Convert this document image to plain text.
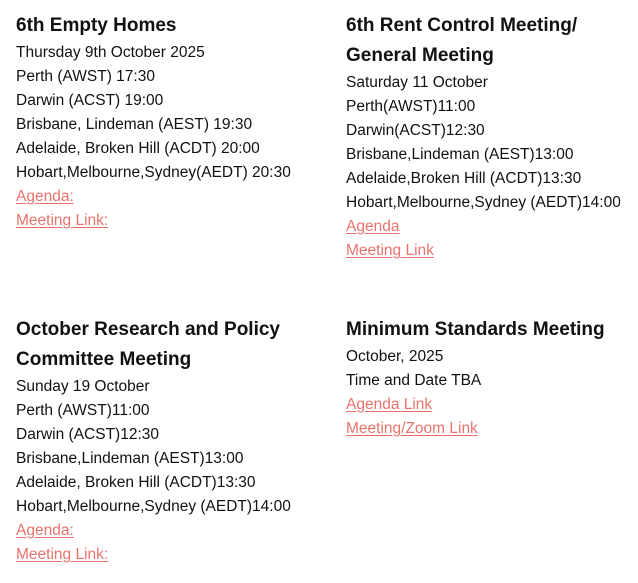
6th Empty Homes
Thursday 9th October 2025
Perth (AWST) 17:30
Darwin (ACST) 19:00
Brisbane, Lindeman (AEST) 19:30
Adelaide, Broken Hill (ACDT) 20:00
Hobart,Melbourne,Sydney(AEDT) 20:30
Agenda:
Meeting Link:
6th Rent Control Meeting/ General Meeting
Saturday 11 October
Perth(AWST)11:00
Darwin(ACST)12:30
Brisbane,Lindeman (AEST)13:00
Adelaide,Broken Hill (ACDT)13:30
Hobart,Melbourne,Sydney (AEDT)14:00
Agenda
Meeting Link
October Research and Policy Committee Meeting
Sunday 19 October
Perth (AWST)11:00
Darwin (ACST)12:30
Brisbane,Lindeman (AEST)13:00
Adelaide, Broken Hill (ACDT)13:30
Hobart,Melbourne,Sydney (AEDT)14:00
Agenda:
Meeting Link:
Minimum Standards Meeting
October, 2025
Time and Date TBA
Agenda Link
Meeting/Zoom Link
